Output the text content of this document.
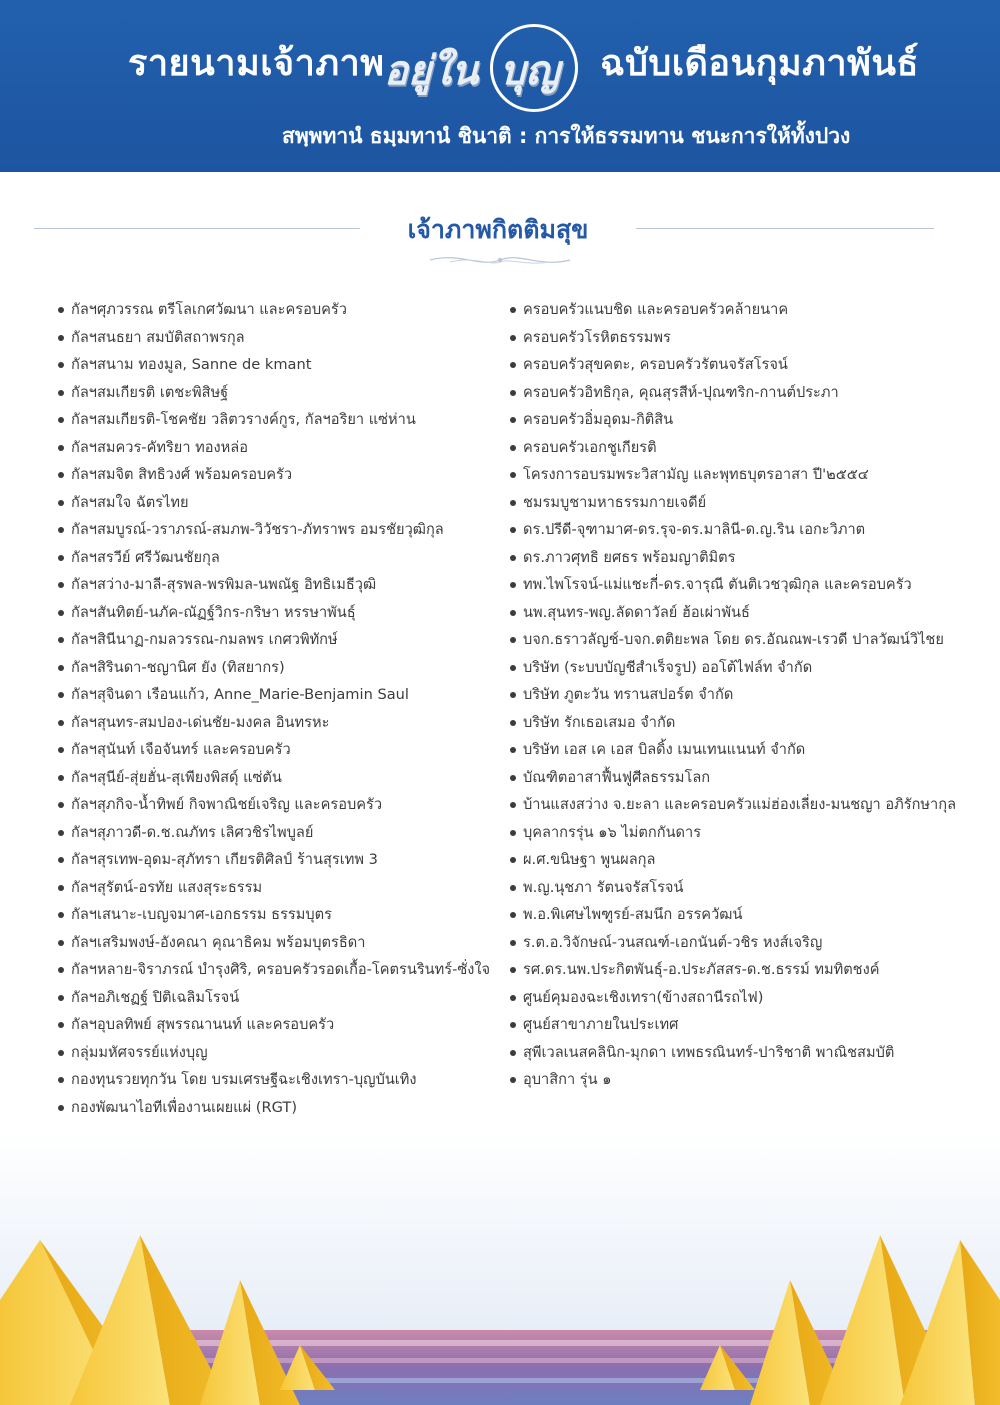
รายนามเจ้าภาพ อยู่ใน บุญ ฉบับเดือนกุมภาพันธ์
สพฺพทานํ ธมฺมทานํ ชินาติ : การให้ธรรมทาน ชนะการให้ทั้งปวง
เจ้าภาพกิตติมสุข
กัลฯศุภวรรณ ตรีโลเกศวัฒนา และครอบครัว
กัลฯสนธยา สมบัติสถาพรกุล
กัลฯสนาม ทองมูล, Sanne de kmant
กัลฯสมเกียรติ เตชะพิสิษฐ์
กัลฯสมเกียรติ-โชคชัย วลิตวรางค์กูร, กัลฯอริยา แซ่ห่าน
กัลฯสมควร-คัทริยา ทองหล่อ
กัลฯสมจิต สิทธิวงศ์ พร้อมครอบครัว
กัลฯสมใจ ฉัตรไทย
กัลฯสมบูรณ์-วราภรณ์-สมภพ-วิวัชรา-ภัทราพร อมรชัยวุฒิกุล
กัลฯสรวีย์ ศรีวัฒนชัยกุล
กัลฯสว่าง-มาลี-สุรพล-พรพิมล-นพณัฐ อิทธิเมธีวุฒิ
กัลฯสันทิตย์-นภัค-ณัฏฐ์วิกร-กริษา หรรษาพันธุ์
กัลฯสินีนาฏ-กมลวรรณ-กมลพร เกศวพิทักษ์
กัลฯสิรินดา-ชญานิศ ยัง (ทิสยากร)
กัลฯสุจินดา เรือนแก้ว, Anne_Marie-Benjamin Saul
กัลฯสุนทร-สมปอง-เด่นชัย-มงคล อินทรหะ
กัลฯสุนันท์ เจือจันทร์ และครอบครัว
กัลฯสุนีย์-สุ่ยฮั่น-สุเพียงพิสดุ์ แซ่ตัน
กัลฯสุภกิจ-น้ำทิพย์ กิจพาณิชย์เจริญ และครอบครัว
กัลฯสุภาวดี-ด.ช.ณภัทร เลิศวชิรไพบูลย์
กัลฯสุรเทพ-อุดม-สุภัทรา เกียรติศิลป์ ร้านสุรเทพ 3
กัลฯสุรัตน์-อรทัย แสงสุระธรรม
กัลฯเสนาะ-เบญจมาศ-เอกธรรม ธรรมบุตร
กัลฯเสริมพงษ์-อังคณา คุณาธิคม พร้อมบุตรธิดา
กัลฯหลาย-จิราภรณ์ บำรุงศิริ, ครอบครัวรอดเกื้อ-โคตรนรินทร์-ซั่งใจ
กัลฯอภิเชฏฐ์ ปิติเฉลิมโรจน์
กัลฯอุบลทิพย์ สุพรรณานนท์ และครอบครัว
กลุ่มมหัศจรรย์แห่งบุญ
กองทุนรวยทุกวัน โดย บรมเศรษฐีฉะเชิงเทรา-บุญบันเทิง
กองพัฒนาไอทีเพื่องานเผยแผ่ (RGT)
ครอบครัวแนบชิด และครอบครัวคล้ายนาค
ครอบครัวโรหิตธรรมพร
ครอบครัวสุขคตะ, ครอบครัวรัตนจรัสโรจน์
ครอบครัวอิทธิกุล, คุณสุรสีห์-ปุณฑริก-กานต์ประภา
ครอบครัวอิ่มอุดม-กิติสิน
ครอบครัวเอกชูเกียรติ
โครงการอบรมพระวิสามัญ และพุทธบุตรอาสา ปี'๒๕๕๔
ชมรมบูชามหาธรรมกายเจดีย์
ดร.ปรีดี-จุฑามาศ-ดร.รุจ-ดร.มาลินี-ด.ญ.ริน เอกะวิภาต
ดร.ภาวศุทธิ ยศธร พร้อมญาติมิตร
ทพ.ไพโรจน์-แม่แชะกี่-ดร.จารุณี ตันติเวชวุฒิกุล และครอบครัว
นพ.สุนทร-พญ.ลัดดาวัลย์ ฮ้อเผ่าพันธ์
บจก.ธราวลัญช์-บจก.ตติยะพล โดย ดร.อัณณพ-เรวดี ปาลวัฒน์วิไชย
บริษัท (ระบบบัญชีสำเร็จรูป) ออโต้ไฟล์ท จำกัด
บริษัท ภูตะวัน ทรานสปอร์ต จำกัด
บริษัท รักเธอเสมอ จำกัด
บริษัท เอส เค เอส บิลดิ้ง เมนเทนแนนท์ จำกัด
บัณฑิตอาสาฟื้นฟูศีลธรรมโลก
บ้านแสงสว่าง จ.ยะลา และครอบครัวแม่ฮ่องเลี่ยง-มนชญา อภิรักษากุล
บุคลากรรุ่น ๑๖ ไม่ตกกันดาร
ผ.ศ.ขนิษฐา พูนผลกุล
พ.ญ.นุชภา รัตนจรัสโรจน์
พ.อ.พิเศษไพฑูรย์-สมนึก อรรควัฒน์
ร.ต.อ.วิจักษณ์-วนสณฑ์-เอกนันต์-วชิร หงส์เจริญ
รศ.ดร.นพ.ประกิตพันธุ์-อ.ประภัสสร-ด.ช.ธรรม์ ทมทิตชงค์
ศูนย์คุมองฉะเชิงเทรา(ข้างสถานีรถไฟ)
ศูนย์สาขาภายในประเทศ
สุพีเวลเนสคลินิก-มุกดา เทพธรณินทร์-ปาริชาติ พาณิชสมบัติ
อุบาสิกา รุ่น ๑
